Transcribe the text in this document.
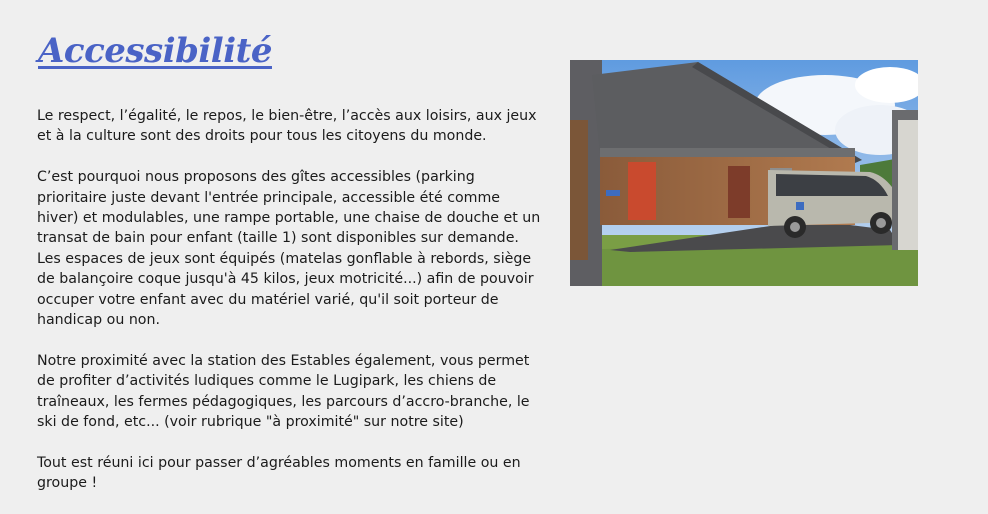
Accessibilité

Le respect, l’égalité, le repos, le bien-être, l’accès aux loisirs, aux jeux et à la culture sont des droits pour tous les citoyens du monde.

C’est pourquoi nous proposons des gîtes accessibles (parking prioritaire juste devant l'entrée principale, accessible été comme hiver) et modulables, une rampe portable, une chaise de douche et un transat de bain pour enfant (taille 1) sont disponibles sur demande. Les espaces de jeux sont équipés (matelas gonflable à rebords, siège de balançoire coque jusqu'à 45 kilos, jeux motricité...) afin de pouvoir occuper votre enfant avec du matériel varié, qu'il soit porteur de handicap ou non.

Notre proximité avec la station des Estables également, vous permet de profiter d’activités ludiques comme le Lugipark, les chiens de traîneaux, les fermes pédagogiques, les parcours d’accro-branche, le ski de fond, etc... (voir rubrique "à proximité" sur notre site)

Tout est réuni ici pour passer d’agréables moments en famille ou en groupe !
